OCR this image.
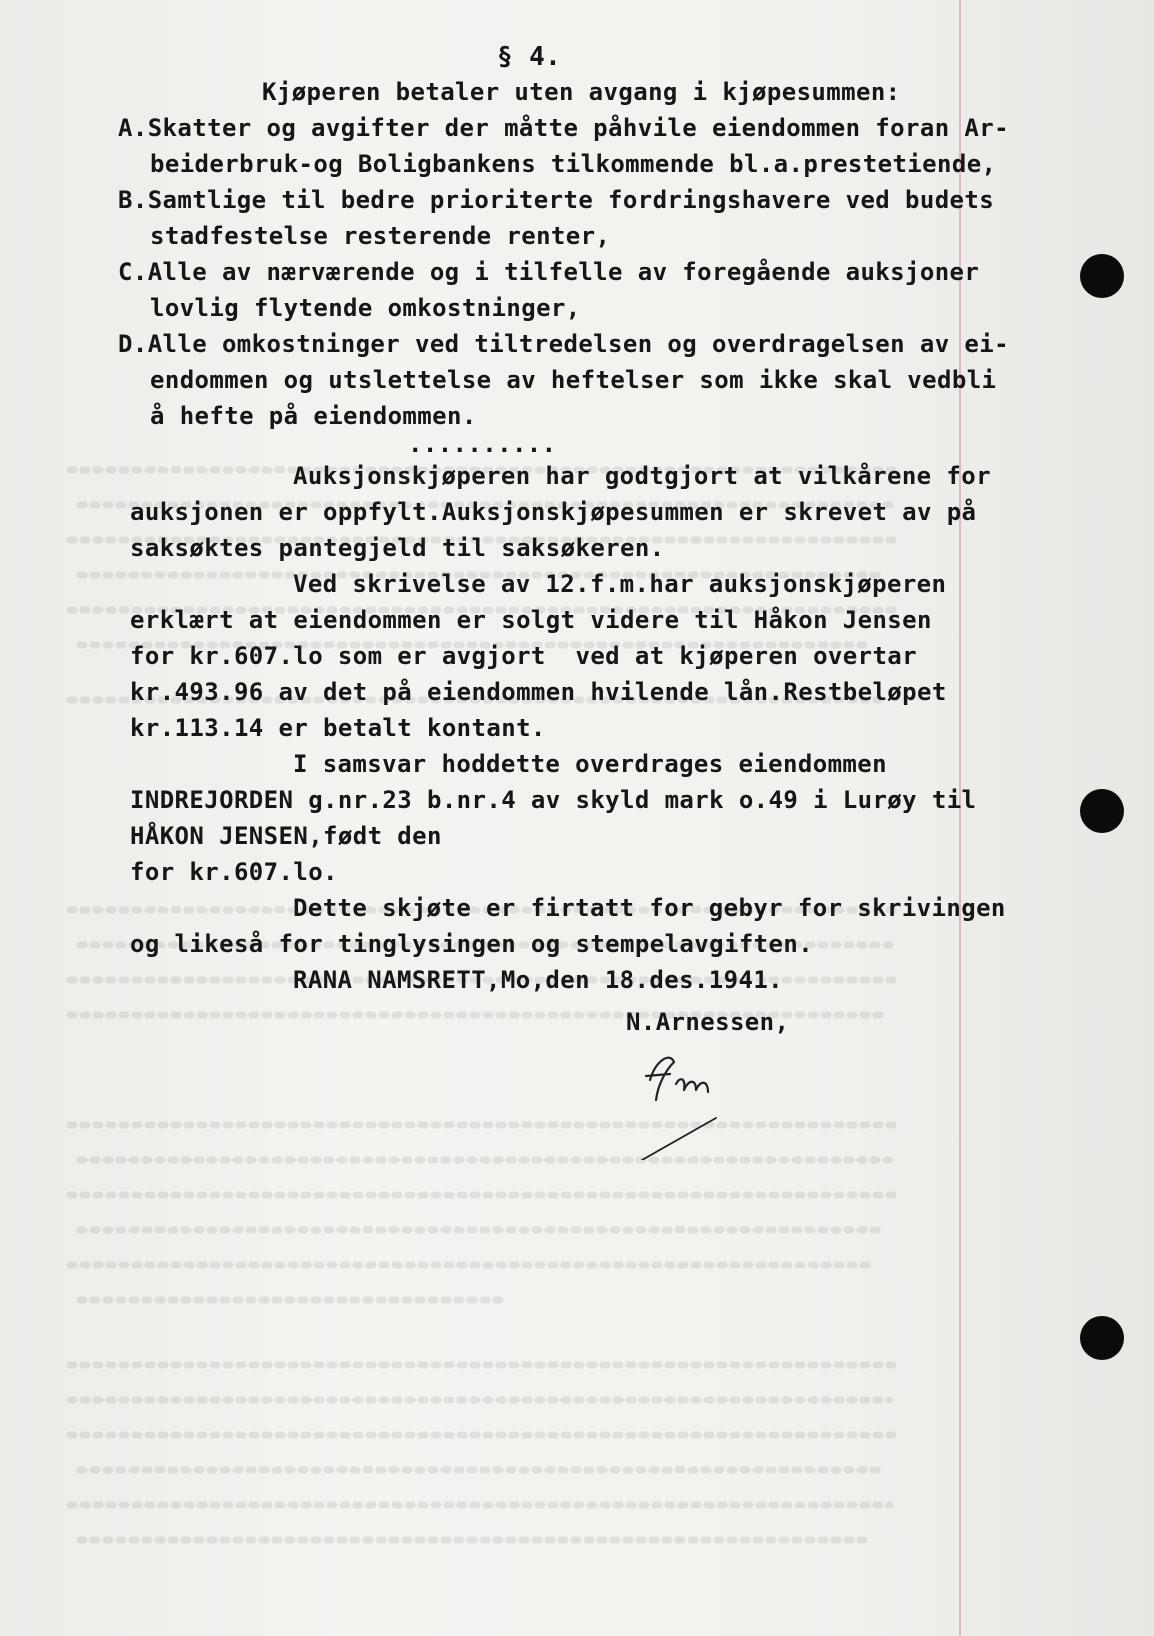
§ 4.
Kjøperen betaler uten avgang i kjøpesummen:
A.Skatter og avgifter der måtte påhvile eiendommen foran Ar-
beiderbruk-og Boligbankens tilkommende bl.a.prestetiende,
B.Samtlige til bedre prioriterte fordringshavere ved budets
stadfestelse resterende renter,
C.Alle av nærværende og i tilfelle av foregående auksjoner
lovlig flytende omkostninger,
D.Alle omkostninger ved tiltredelsen og overdragelsen av ei-
endommen og utslettelse av heftelser som ikke skal vedbli
å hefte på eiendommen.
..........
Auksjonskjøperen har godtgjort at vilkårene for
auksjonen er oppfylt.Auksjonskjøpesummen er skrevet av på
saksøktes pantegjeld til saksøkeren.
Ved skrivelse av 12.f.m.har auksjonskjøperen
erklært at eiendommen er solgt videre til Håkon Jensen
for kr.607.lo som er avgjort  ved at kjøperen overtar
kr.493.96 av det på eiendommen hvilende lån.Restbeløpet
kr.113.14 er betalt kontant.
I samsvar hoddette overdrages eiendommen
INDREJORDEN g.nr.23 b.nr.4 av skyld mark o.49 i Lurøy til
HÅKON JENSEN,født den
for kr.607.lo.
Dette skjøte er firtatt for gebyr for skrivingen
og likeså for tinglysingen og stempelavgiften.
RANA NAMSRETT,Mo,den 18.des.1941.
N.Arnessen,
